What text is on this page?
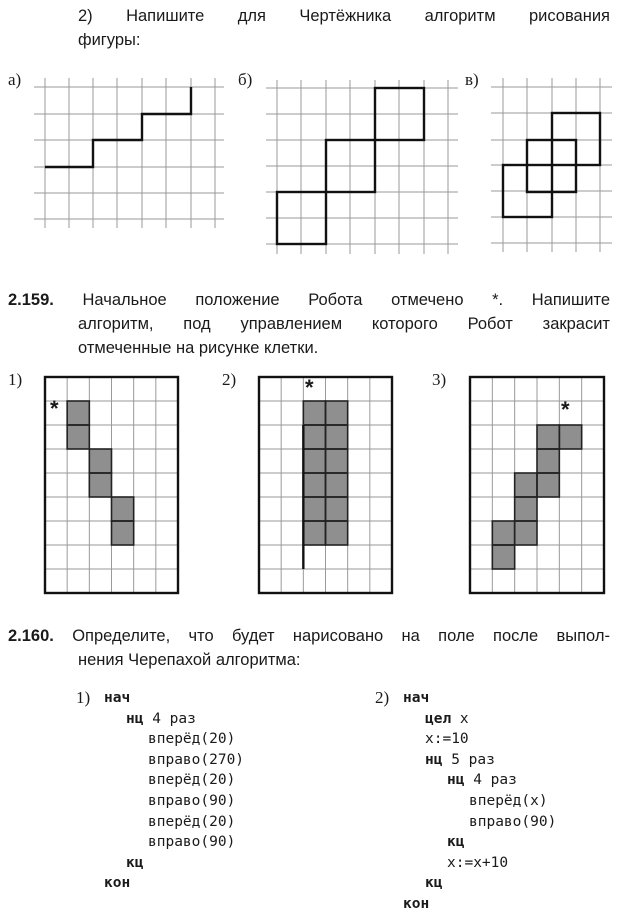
2) Напишите для Чертёжника алгоритм рисования
фигуры:
а)	б)	в)
2.159. Начальное положение Робота отмечено *. Напишите
алгоритм, под управлением которого Робот закрасит
отмеченные на рисунке клетки.
1)	2)	3)
*
*
*
2.160. Определите, что будет нарисовано на поле после выпол-
нения Черепахой алгоритма:
1)	2)
нач
нц 4 раз
вперёд(20)
вправо(270)
вперёд(20)
вправо(90)
вперёд(20)
вправо(90)
кц
кон
нач
цел x
x:=10
нц 5 раз
нц 4 раз
вперёд(x)
вправо(90)
кц
x:=x+10
кц
кон
